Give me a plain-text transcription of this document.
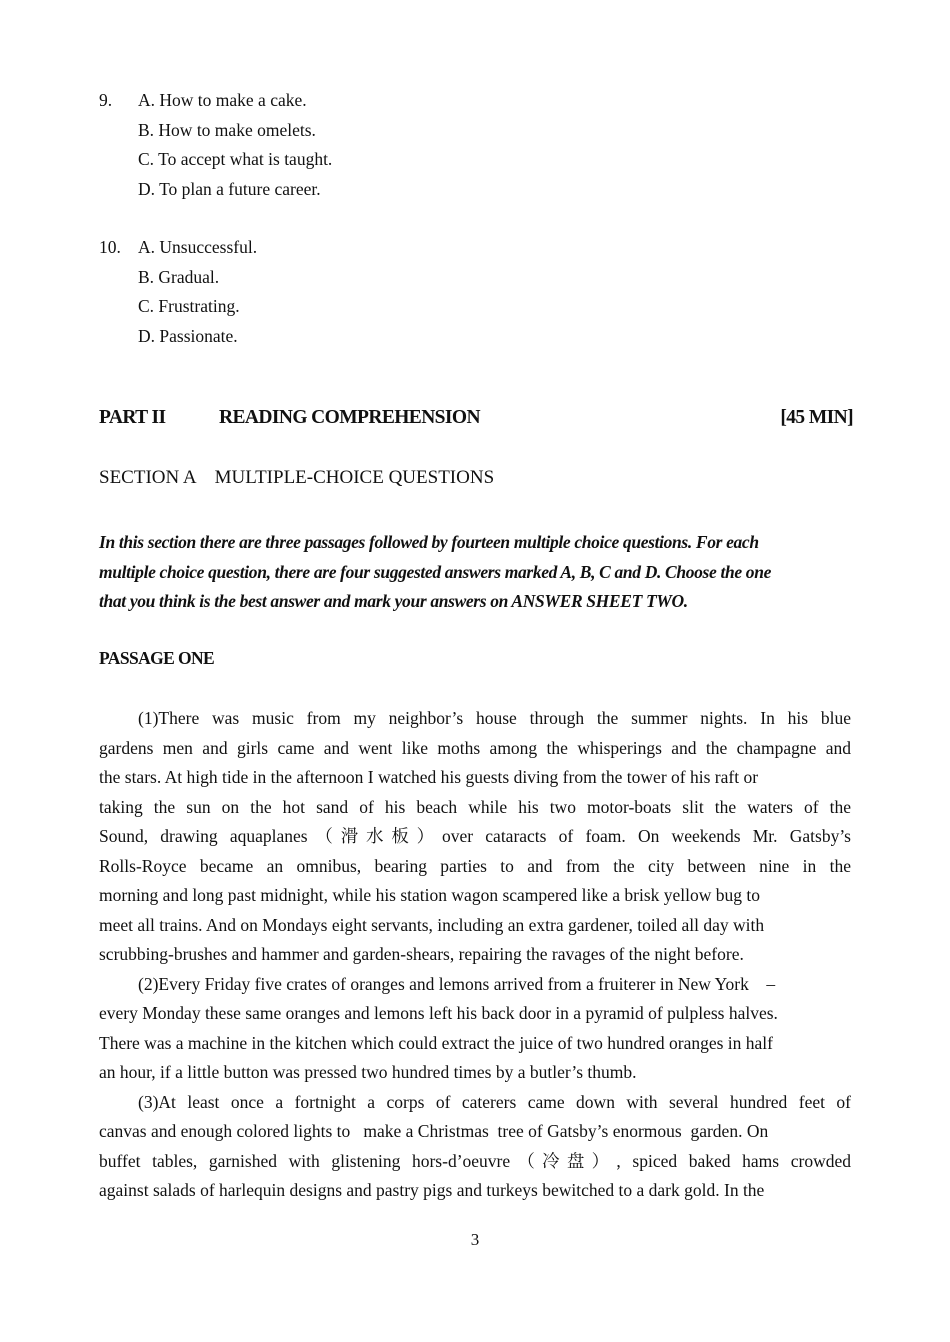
9. A. How to make a cake.
B. How to make omelets.
C. To accept what is taught.
D. To plan a future career.
10. A. Unsuccessful.
B. Gradual.
C. Frustrating.
D. Passionate.
PART II	READING COMPREHENSION	[45 MIN]
SECTION A    MULTIPLE-CHOICE QUESTIONS
In this section there are three passages followed by fourteen multiple choice questions. For each
multiple choice question, there are four suggested answers marked A, B, C and D. Choose the one
that you think is the best answer and mark your answers on ANSWER SHEET TWO.
PASSAGE ONE
(1)There was music from my neighbor’s house through the summer nights. In his blue
gardens men and girls came and went like moths among the whisperings and the champagne and
the stars. At high tide in the afternoon I watched his guests diving from the tower of his raft or
taking the sun on the hot sand of his beach while his two motor-boats slit the waters of the
Sound, drawing aquaplanes（滑水板）over cataracts of foam. On weekends Mr. Gatsby’s
Rolls-Royce became an omnibus, bearing parties to and from the city between nine in the
morning and long past midnight, while his station wagon scampered like a brisk yellow bug to
meet all trains. And on Mondays eight servants, including an extra gardener, toiled all day with
scrubbing-brushes and hammer and garden-shears, repairing the ravages of the night before.
(2)Every Friday five crates of oranges and lemons arrived from a fruiterer in New York    –
every Monday these same oranges and lemons left his back door in a pyramid of pulpless halves.
There was a machine in the kitchen which could extract the juice of two hundred oranges in half
an hour, if a little button was pressed two hundred times by a butler’s thumb.
(3)At least once a fortnight a corps of caterers came down with several hundred feet of
canvas and enough colored lights to   make a Christmas  tree of Gatsby’s enormous  garden. On
buffet tables, garnished with glistening hors-d’oeuvre（冷盘）, spiced baked hams crowded
against salads of harlequin designs and pastry pigs and turkeys bewitched to a dark gold. In the
3
